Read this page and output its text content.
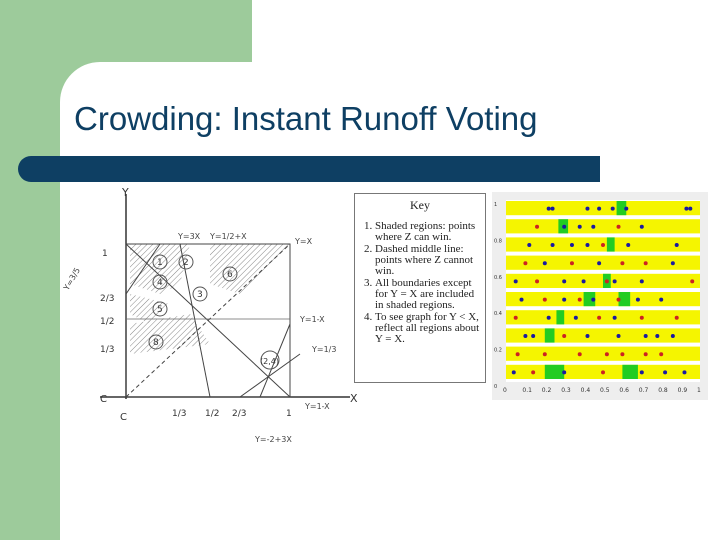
Crowding: Instant Runoff Voting
Y
X
Y=3X Y=1/2+X
Y=X
Y=3/5
Y=1-X
Y=1/3
Y=1-X
Y=-2+3X
1 2
3
4
5
6
8
(2,4)
C
C
1
2/3
1/2
1/3
1/3 1/2 2/3	1
Key
1. Shaded regions: points where Z can win.
2. Dashed middle line: points where Z cannot win.
3. All boundaries except for Y = X are included in shaded regions.
4. To see graph for Y < X, reflect all regions about Y = X.
0	0.1 0.2 0.3 0.4 0.5 0.6 0.7 0.8 0.9 1
1
0.8
0.6
0.4
0.2
0
